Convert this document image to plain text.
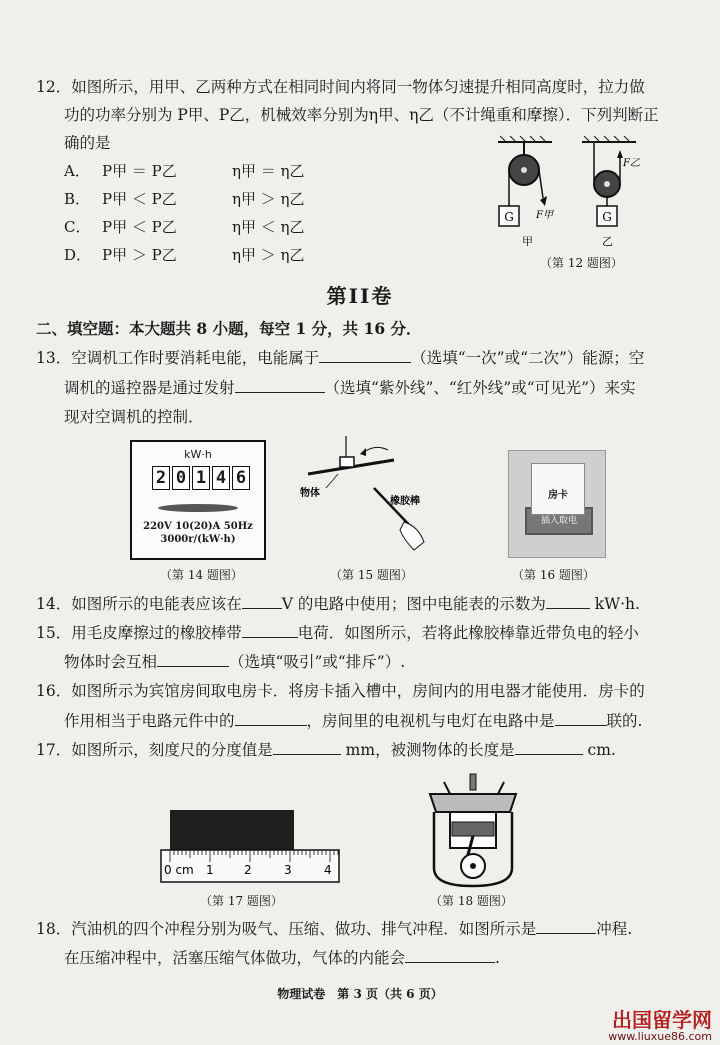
12．如图所示，用甲、乙两种方式在相同时间内将同一物体匀速提升相同高度时，拉力做
功的功率分别为 P甲、P乙，机械效率分别为η甲、η乙（不计绳重和摩擦）．下列判断正
确的是
A． P甲 ＝ P乙	η甲 ＝ η乙
B． P甲 ＜ P乙	η甲 ＞ η乙
C． P甲 ＜ P乙	η甲 ＜ η乙
D． P甲 ＞ P乙	η甲 ＞ η乙
G F甲
甲
G
F乙
乙
（第 12 题图）
第II卷
二、填空题：本大题共 8 小题，每空 1 分，共 16 分．
13．空调机工作时要消耗电能，电能属于	（选填“一次”或“二次”）能源；空
调机的遥控器是通过发射	（选填“紫外线”、“红外线”或“可见光”）来实
现对空调机的控制．
kW·h
2 0 1 4 6
220V 10(20)A 50Hz
3000r/(kW·h)
（第 14 题图）
物体
橡胶棒
（第 15 题图）
插入取电
房卡
（第 16 题图）
14．如图所示的电能表应该在	V 的电路中使用；图中电能表的示数为	kW·h.
15．用毛皮摩擦过的橡胶棒带	电荷．如图所示，若将此橡胶棒靠近带负电的轻小
物体时会互相	（选填“吸引”或“排斥”）.
16．如图所示为宾馆房间取电房卡．将房卡插入槽中，房间内的用电器才能使用．房卡的
作用相当于电路元件中的	，房间里的电视机与电灯在电路中是	联的.
17．如图所示，刻度尺的分度值是	mm，被测物体的长度是	cm.
0 cm 1	2	3	4
（第 17 题图）	（第 18 题图）
18．汽油机的四个冲程分别为吸气、压缩、做功、排气冲程．如图所示是	冲程.
在压缩冲程中，活塞压缩气体做功，气体的内能会	.
物理试卷　第 3 页（共 6 页）
出国留学网
www.liuxue86.com
